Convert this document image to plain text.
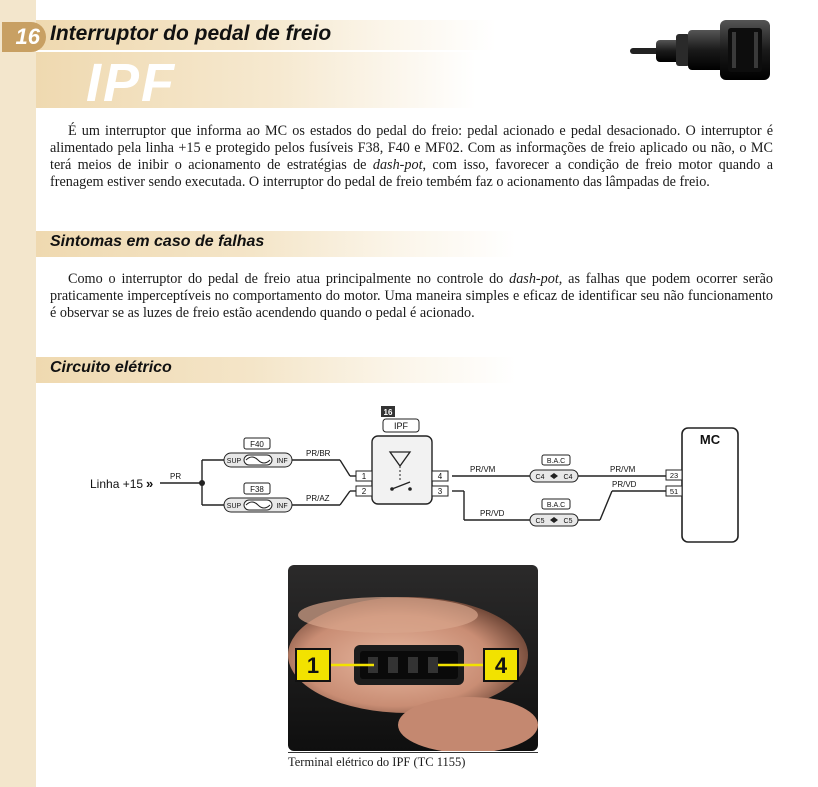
16 Interruptor do pedal de freio
IPF

É um interruptor que informa ao MC os estados do pedal do freio: pedal acionado e pedal desacionado. O interruptor é alimentado pela linha +15 e protegido pelos fusíveis F38, F40 e MF02. Com as informações de freio aplicado ou não, o MC terá meios de inibir o acionamento de estratégias de dash-pot, com isso, favorecer a condição de freio motor quando a frenagem estiver sendo executada. O interruptor do pedal de freio tembém faz o acionamento das lâmpadas de freio.

Sintomas em caso de falhas

Como o interruptor do pedal de freio atua principalmente no controle do dash-pot, as falhas que podem ocorrer serão praticamente imperceptíveis no comportamento do motor. Uma maneira simples e eficaz de identificar seu não funcionamento é observar se as luzes de freio estão acendendo quando o pedal é acionado.

Circuito elétrico
Linha +15 » PR
F40
SUP	INF
F38
SUP	INF
PR/BR
PR/AZ
PR/VM	PR/VM
PR/VD
PR/VD
16
IPF
1
2
4
3
B.A.C
C4	C4
B.A.C
C5	C5
MC
23
51
1	4
Terminal elétrico do IPF (TC 1155)
